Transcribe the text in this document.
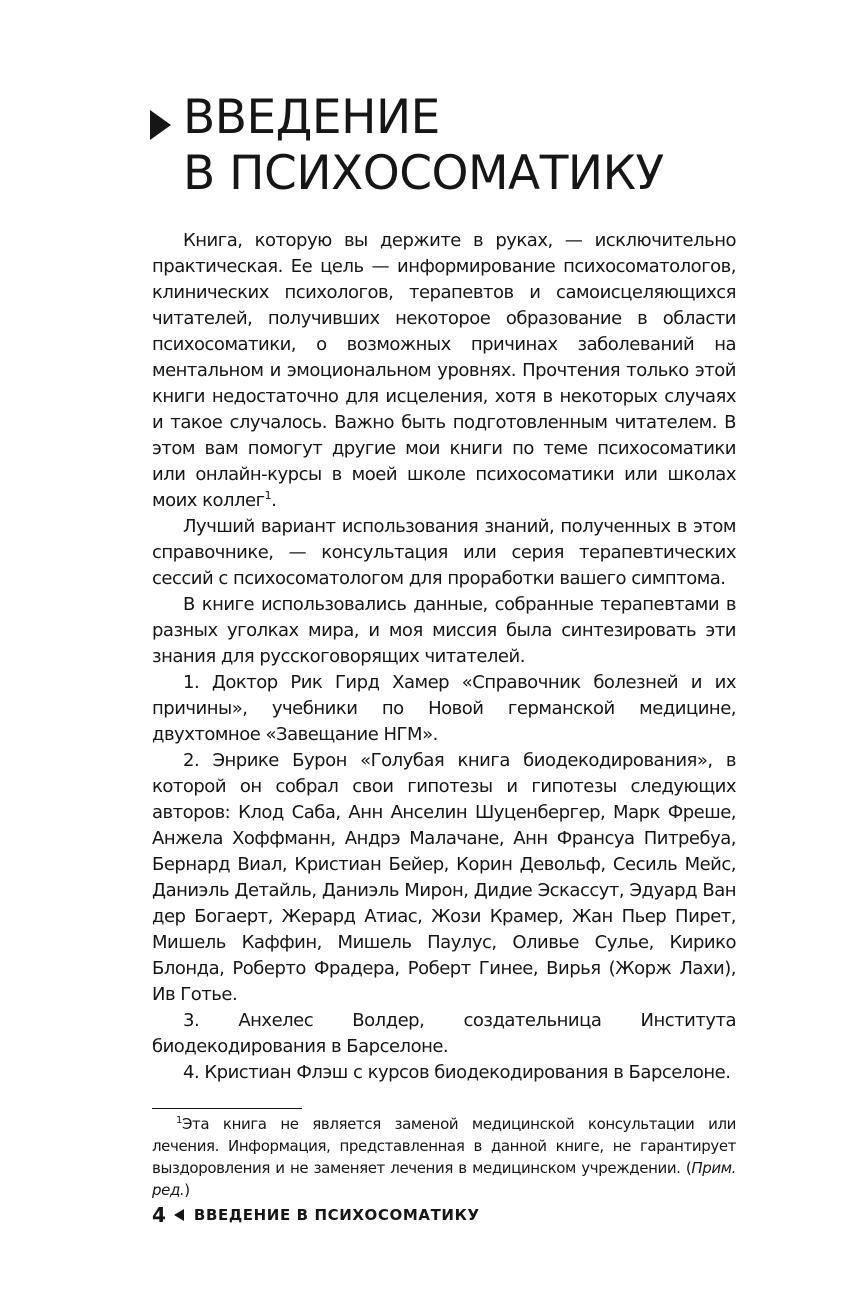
ВВЕДЕНИЕ
В ПСИХОСОМАТИКУ

Книга, которую вы держите в руках, — исключительно практическая. Ее цель — информирование психосоматологов, клинических психологов, терапевтов и самоисцеляющихся читателей, получивших некоторое образование в области психосоматики, о возможных причинах заболеваний на ментальном и эмоциональном уровнях. Прочтения только этой книги недостаточно для исцеления, хотя в некоторых случаях и такое случалось. Важно быть подготовленным читателем. В этом вам помогут другие мои книги по теме психосоматики или онлайн-курсы в моей школе психосоматики или школах моих коллег$^1$.

Лучший вариант использования знаний, полученных в этом справочнике, — консультация или серия терапевтических сессий с психосоматологом для проработки вашего симптома.

В книге использовались данные, собранные терапевтами в разных уголках мира, и моя миссия была синтезировать эти знания для русскоговорящих читателей.

1. Доктор Рик Гирд Хамер «Справочник болезней и их причины», учебники по Новой германской медицине, двухтомное «Завещание НГМ».

2. Энрике Бурон «Голубая книга биодекодирования», в которой он собрал свои гипотезы и гипотезы следующих авторов: Клод Саба, Анн Анселин Шуценбергер, Марк Фреше, Анжела Хоффманн, Андрэ Малачане, Анн Франсуа Питребуа, Бернард Виал, Кристиан Бейер, Корин Девольф, Сесиль Мейс, Даниэль Детайль, Даниэль Мирон, Дидие Эскассут, Эдуард Ван дер Богаерт, Жерард Атиас, Жози Крамер, Жан Пьер Пирет, Мишель Каффин, Мишель Паулус, Оливье Сулье, Кирико Блонда, Роберто Фрадера, Роберт Гинее, Вирья (Жорж Лахи), Ив Готье.

3. Анхелес Волдер, создательница Института биодекодирования в Барселоне.

4. Кристиан Флэш с курсов биодекодирования в Барселоне.

$^1$Эта книга не является заменой медицинской консультации или лечения. Информация, представленная в данной книге, не гарантирует выздоровления и не заменяет лечения в медицинском учреждении. (Прим. ред.)

4 ВВЕДЕНИЕ В ПСИХОСОМАТИКУ
